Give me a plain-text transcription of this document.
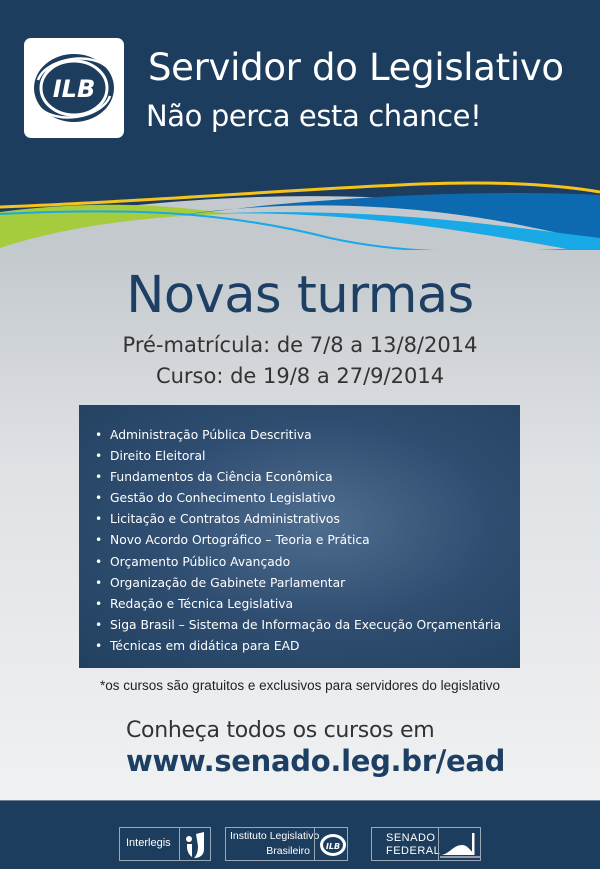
ILB Servidor do Legislativo
Não perca esta chance!
Novas turmas
Pré-matrícula: de 7/8 a 13/8/2014
Curso: de 19/8 a 27/9/2014
• Administração Pública Descritiva
• Direito Eleitoral
• Fundamentos da Ciência Econômica
• Gestão do Conhecimento Legislativo
• Licitação e Contratos Administrativos
• Novo Acordo Ortográfico – Teoria e Prática
• Orçamento Público Avançado
• Organização de Gabinete Parlamentar
• Redação e Técnica Legislativa
• Siga Brasil – Sistema de Informação da Execução Orçamentária
• Técnicas em didática para EAD
*os cursos são gratuitos e exclusivos para servidores do legislativo
Conheça todos os cursos em
www.senado.leg.br/ead
Interlegis
Instituto Legislativo
Brasileiro ILB
SENADO
FEDERAL
